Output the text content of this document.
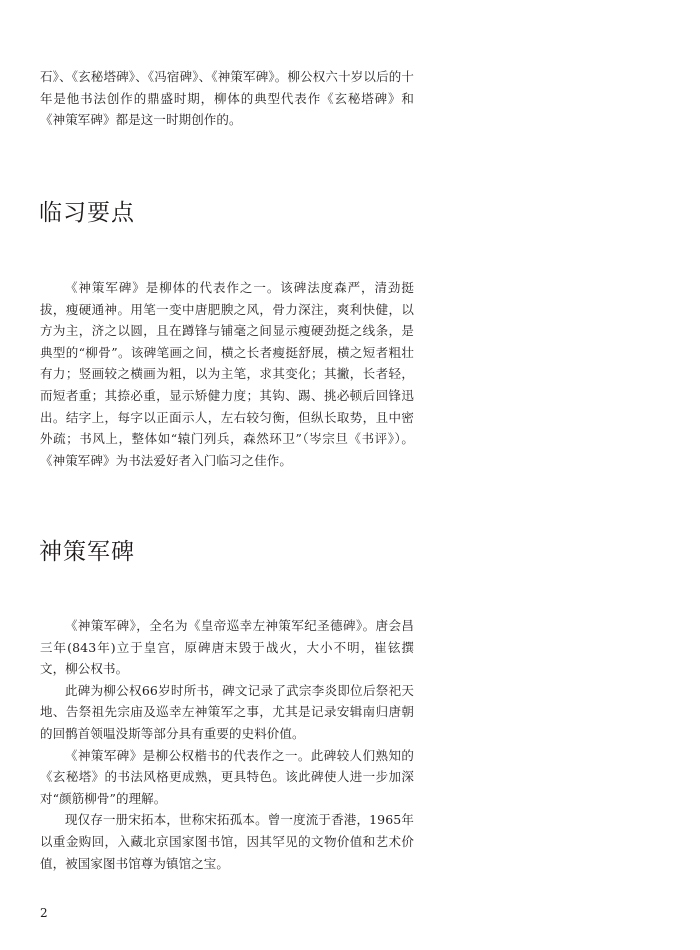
石》、《玄秘塔碑》、《冯宿碑》、《神策军碑》。柳公权六十岁以后的十年是他书法创作的鼎盛时期，柳体的典型代表作《玄秘塔碑》和《神策军碑》都是这一时期创作的。

临习要点

《神策军碑》是柳体的代表作之一。该碑法度森严，清劲挺拔，瘦硬通神。用笔一变中唐肥腴之风，骨力深注，爽利快健，以方为主，济之以圆，且在蹲锋与铺毫之间显示瘦硬劲挺之线条，是典型的“柳骨”。该碑笔画之间，横之长者瘦挺舒展，横之短者粗壮有力；竖画较之横画为粗，以为主笔，求其变化；其撇，长者轻，而短者重；其捺必重，显示矫健力度；其钩、踢、挑必顿后回锋迅出。结字上，每字以正面示人，左右较匀衡，但纵长取势，且中密外疏；书风上，整体如“辕门列兵，森然环卫”（岑宗旦《书评》）。《神策军碑》为书法爱好者入门临习之佳作。

神策军碑

《神策军碑》，全名为《皇帝巡幸左神策军纪圣德碑》。唐会昌三年(843年)立于皇宫，原碑唐末毁于战火，大小不明，崔铉撰文，柳公权书。

此碑为柳公权66岁时所书，碑文记录了武宗李炎即位后祭祀天地、告祭祖先宗庙及巡幸左神策军之事，尤其是记录安辑南归唐朝的回鹘首领嗢没斯等部分具有重要的史料价值。

《神策军碑》是柳公权楷书的代表作之一。此碑较人们熟知的《玄秘塔》的书法风格更成熟，更具特色。该此碑使人进一步加深对“颜筋柳骨”的理解。

现仅存一册宋拓本，世称宋拓孤本。曾一度流于香港，1965年以重金购回，入藏北京国家图书馆，因其罕见的文物价值和艺术价值，被国家图书馆尊为镇馆之宝。

2
